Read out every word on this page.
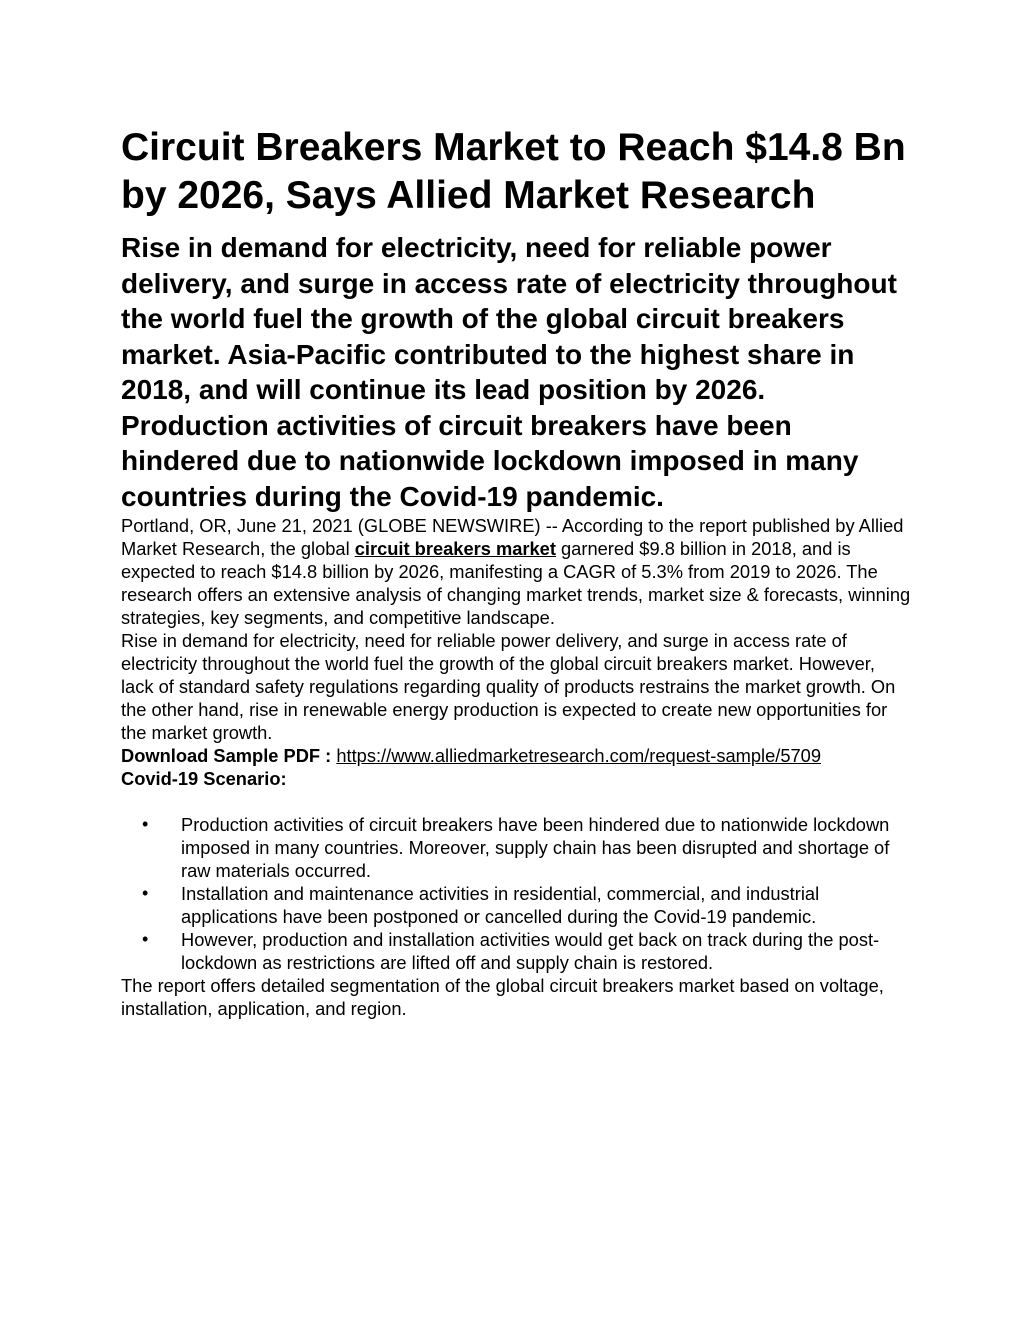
Circuit Breakers Market to Reach $14.8 Bn by 2026, Says Allied Market Research
Rise in demand for electricity, need for reliable power delivery, and surge in access rate of electricity throughout the world fuel the growth of the global circuit breakers market. Asia-Pacific contributed to the highest share in 2018, and will continue its lead position by 2026. Production activities of circuit breakers have been hindered due to nationwide lockdown imposed in many countries during the Covid-19 pandemic.

Portland, OR, June 21, 2021 (GLOBE NEWSWIRE) -- According to the report published by Allied Market Research, the global circuit breakers market garnered $9.8 billion in 2018, and is expected to reach $14.8 billion by 2026, manifesting a CAGR of 5.3% from 2019 to 2026. The research offers an extensive analysis of changing market trends, market size & forecasts, winning strategies, key segments, and competitive landscape.

Rise in demand for electricity, need for reliable power delivery, and surge in access rate of electricity throughout the world fuel the growth of the global circuit breakers market. However, lack of standard safety regulations regarding quality of products restrains the market growth. On the other hand, rise in renewable energy production is expected to create new opportunities for the market growth.

Download Sample PDF : https://www.alliedmarketresearch.com/request-sample/5709

Covid-19 Scenario:

• Production activities of circuit breakers have been hindered due to nationwide lockdown imposed in many countries. Moreover, supply chain has been disrupted and shortage of raw materials occurred.
• Installation and maintenance activities in residential, commercial, and industrial applications have been postponed or cancelled during the Covid-19 pandemic.
• However, production and installation activities would get back on track during the post-lockdown as restrictions are lifted off and supply chain is restored.

The report offers detailed segmentation of the global circuit breakers market based on voltage, installation, application, and region.
